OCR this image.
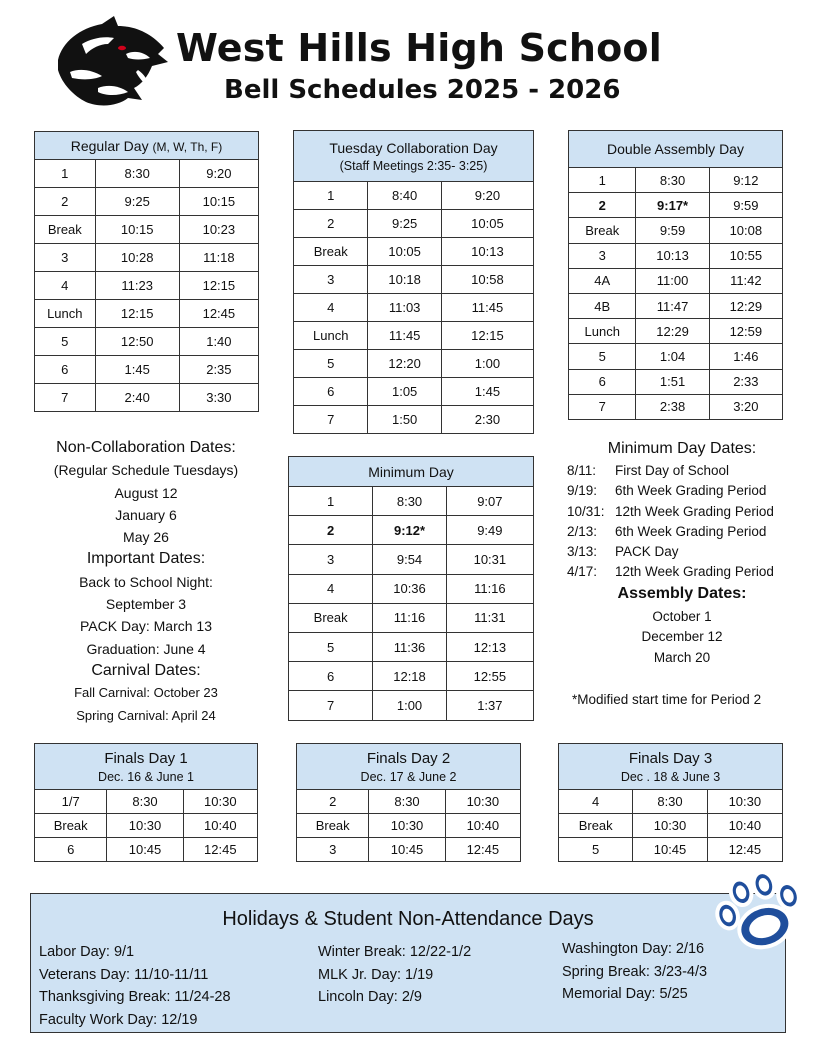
West Hills High School
Bell Schedules 2025 - 2026
Regular Day (M, W, Th, F)		
1	8:30	9:20
2	9:25	10:15
Break	10:15	10:23
3	10:28	11:18
4	11:23	12:15
Lunch	12:15	12:45
5	12:50	1:40
6	1:45	2:35
7	2:40	3:30
Tuesday Collaboration Day
(Staff Meetings 2:35- 3:25)		

1	8:40	9:20
2	9:25	10:05
Break	10:05	10:13
3	10:18	10:58
4	11:03	11:45
Lunch	11:45	12:15
5	12:20	1:00
6	1:05	1:45
7	1:50	2:30
Double Assembly Day		
1	8:30	9:12
2	9:17*	9:59
Break	9:59	10:08
3	10:13	10:55
4A	11:00	11:42
4B	11:47	12:29
Lunch	12:29	12:59
5	1:04	1:46
6	1:51	2:33
7	2:38	3:20
Minimum Day		
1	8:30	9:07
2	9:12*	9:49
3	9:54	10:31
4	10:36	11:16
Break	11:16	11:31
5	11:36	12:13
6	12:18	12:55
7	1:00	1:37
Non-Collaboration Dates:
(Regular Schedule Tuesdays)
August 12
January 6
May 26
Important Dates:
Back to School Night:
September 3
PACK Day: March 13
Graduation: June 4
Carnival Dates:
Fall Carnival: October 23
Spring Carnival: April 24
Minimum Day Dates:
8/11: First Day of School
9/19: 6th Week Grading Period
10/31: 12th Week Grading Period
2/13: 6th Week Grading Period
3/13: PACK Day
4/17: 12th Week Grading Period
Assembly Dates:
October 1
December 12
March 20
*Modified start time for Period 2
Finals Day 1
Dec. 16 & June 1		

1/7	8:30	10:30
Break	10:30	10:40
6	10:45	12:45
Finals Day 2
Dec. 17 & June 2		

2	8:30	10:30
Break	10:30	10:40
3	10:45	12:45
Finals Day 3
Dec . 18 & June 3		

4	8:30	10:30
Break	10:30	10:40
5	10:45	12:45
Holidays & Student Non-Attendance Days
Labor Day: 9/1
Veterans Day: 11/10-11/11
Thanksgiving Break: 11/24-28
Faculty Work Day: 12/19
Winter Break: 12/22-1/2
MLK Jr. Day: 1/19
Lincoln Day: 2/9
Washington Day: 2/16
Spring Break: 3/23-4/3
Memorial Day: 5/25
